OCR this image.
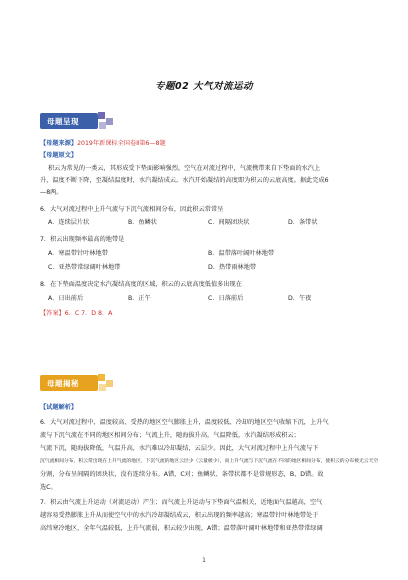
专题02 大气对流运动
母题呈现
【母题来源】2019年新课标全国卷Ⅱ第6—8题
【母题原文】
积云为常见的一类云，其形成受下垫面影响强烈。空气在对流过程中，气流携带来自下垫面的水汽上
升，温度不断下降，至凝结温度时，水汽凝结成云。水汽开始凝结的高度即为积云的云底高度。据此完成6
—8两。
6．大气对流过程中上升气流与下沉气流相间分布，因此积云常常呈
A．连续层片状	B．鱼鳞状	C．间隔团块状	D．条带状
7．积云出现频率最高的地带是
A．寒温带针叶林地带	B．温带落叶阔叶林地带
C．亚热带常绿阔叶林地带	D．热带雨林地带
8．在下垫面温度决定水汽凝结高度的区域，积云的云底高度低值多出现在
A．日出前后	B．正午	C．日落前后	D．午夜
【答案】6．C 7．D 8．A
母题揭秘
【试题解析】
6．大气对流过程中，温度较高、受热的地区空气膨胀上升，温度较低、冷却的地区空气收缩下沉，上升气
流与下沉气流在不同的地区相间分布；气流上升，随海拔升高，气温降低，水汽凝结形成积云；
气流下沉，随海拔降低，气温升高，水汽难以冷却凝结，云层少。因此，大气对流过程中上升气流与下
沉气流相间分布，积云常出现在上升气流的地区，下沉气流的地区云层少（云量极少），而上升气流与下沉气流在不同的地区相间分布，使积云的分布被无云天空
分割，分布呈间隔的团块状，没有连续分布。A错，C对；鱼鳞状、条带状都不是常规形态，B、D错。故
选C。
7．积云由气流上升运动（对流运动）产生；而气流上升运动与下垫面气温相关，近地面气温越高，空气
越容易受热膨胀上升从而使空气中的水汽冷却凝结成云，积云出现的频率越高；寒温带针叶林地带处于
高纬寒冷地区，全年气温较低，上升气流弱，积云较少出现，A错；温带落叶阔叶林地带和亚热带常绿阔
1
